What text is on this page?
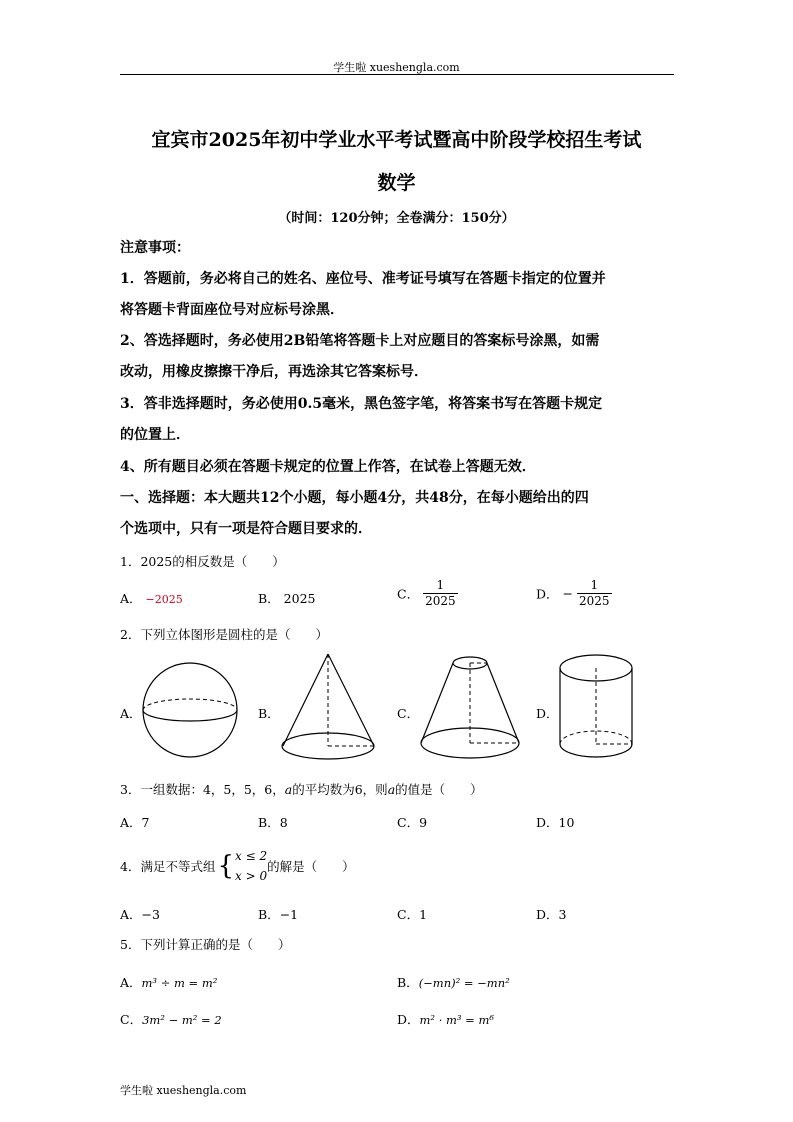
学生啦 xueshengla.com
宜宾市2025年初中学业水平考试暨高中阶段学校招生考试
数学
（时间：120分钟；全卷满分：150分）
注意事项：
1．答题前，务必将自己的姓名、座位号、准考证号填写在答题卡指定的位置并
将答题卡背面座位号对应标号涂黑．
2、答选择题时，务必使用2B铅笔将答题卡上对应题目的答案标号涂黑，如需
改动，用橡皮擦擦干净后，再选涂其它答案标号．
3．答非选择题时，务必使用0.5毫米，黑色签字笔，将答案书写在答题卡规定
的位置上．
4、所有题目必须在答题卡规定的位置上作答，在试卷上答题无效．
一、选择题：本大题共12个小题，每小题4分，共48分，在每小题给出的四
个选项中，只有一项是符合题目要求的．
1．2025的相反数是（　　）
A． −2025	B． 2025	C． $\frac{1}{2025}$	D． − $\frac{1}{2025}$
2．下列立体图形是圆柱的是（　　）
A．	B．	C．	D．
3．一组数据：4，5，5，6，a的平均数为6，则a的值是（　　）
A．7	B．8	C．9	D．10
4．满足不等式组 { x ≤ 2
x > 0
的解是（　　）
A．−3	B．−1	C．1	D．3
5．下列计算正确的是（　　）
A．m³ ÷ m = m²	B．(−mn)² = −mn²
C．3m² − m² = 2	D．m² · m³ = m⁶
学生啦 xueshengla.com
